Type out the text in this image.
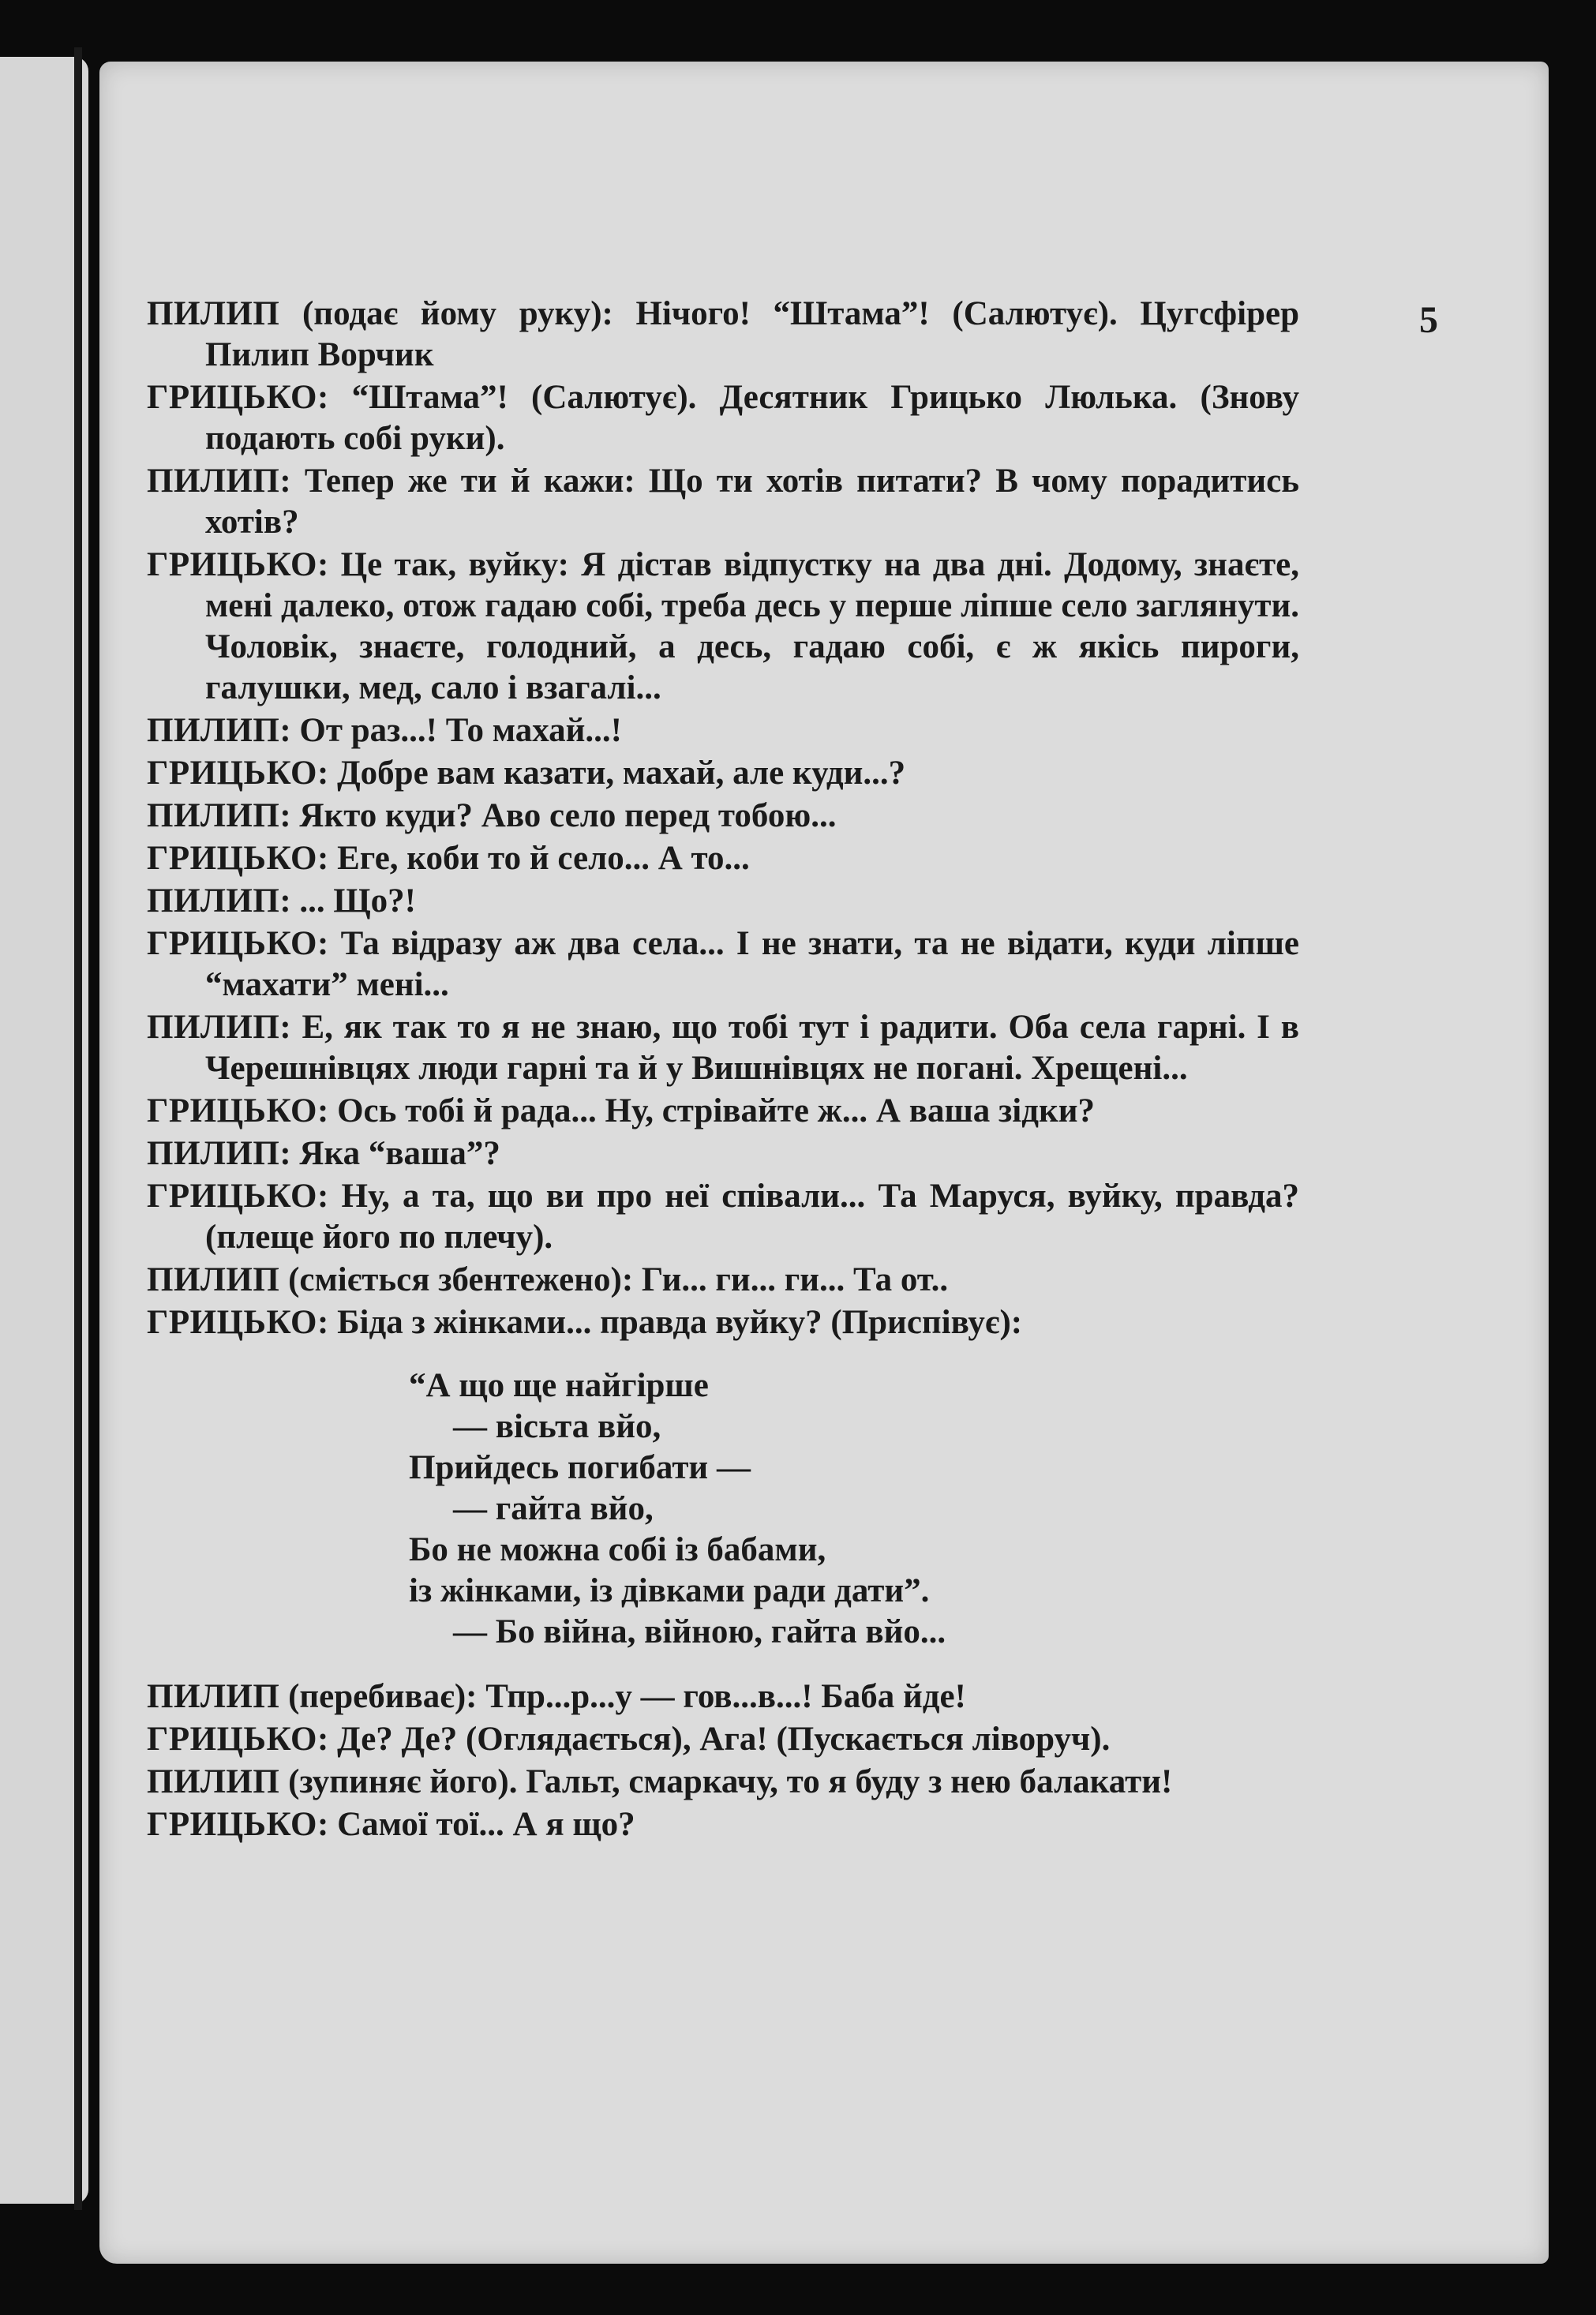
5

ПИЛИП (подає йому руку): Нічого! “Штама”! (Салютує). Цугсфірер Пилип Ворчик

ГРИЦЬКО: “Штама”! (Салютує). Десятник Грицько Люлька. (Знову подають собі руки).

ПИЛИП: Тепер же ти й кажи: Що ти хотів питати? В чому порадитись хотів?

ГРИЦЬКО: Це так, вуйку: Я дістав відпустку на два дні. Додому, знаєте, мені далеко, отож гадаю собі, треба десь у перше ліпше село заглянути. Чоловік, знаєте, голодний, а десь, гадаю собі, є ж якісь пироги, галушки, мед, сало і взагалі...

ПИЛИП: От раз...! То махай...!

ГРИЦЬКО: Добре вам казати, махай, але куди...?

ПИЛИП: Якто куди? Аво село перед тобою...

ГРИЦЬКО: Еге, коби то й село... А то...

ПИЛИП: ... Що?!

ГРИЦЬКО: Та відразу аж два села... І не знати, та не відати, куди ліпше “махати” мені...

ПИЛИП: Е, як так то я не знаю, що тобі тут і радити. Оба села гарні. І в Черешнівцях люди гарні та й у Вишнівцях не погані. Хрещені...

ГРИЦЬКО: Ось тобі й рада... Ну, стрівайте ж... А ваша зідки?

ПИЛИП: Яка “ваша”?

ГРИЦЬКО: Ну, а та, що ви про неї співали... Та Маруся, вуйку, правда? (плеще його по плечу).

ПИЛИП (сміється збентежено): Ги... ги... ги... Та от..

ГРИЦЬКО: Біда з жінками... правда вуйку? (Приспівує):

“А що ще найгірше
— вісьта вйо,
Прийдесь погибати —
— гайта вйо,
Бо не можна собі із бабами,
із жінками, із дівками ради дати”.
— Бо війна, війною, гайта вйо...

ПИЛИП (перебиває): Тпр...р...у — гов...в...! Баба йде!

ГРИЦЬКО: Де? Де? (Оглядається), Ага! (Пускається ліворуч).

ПИЛИП (зупиняє його). Гальт, смаркачу, то я буду з нею балакати!

ГРИЦЬКО: Самої тої... А я що?
